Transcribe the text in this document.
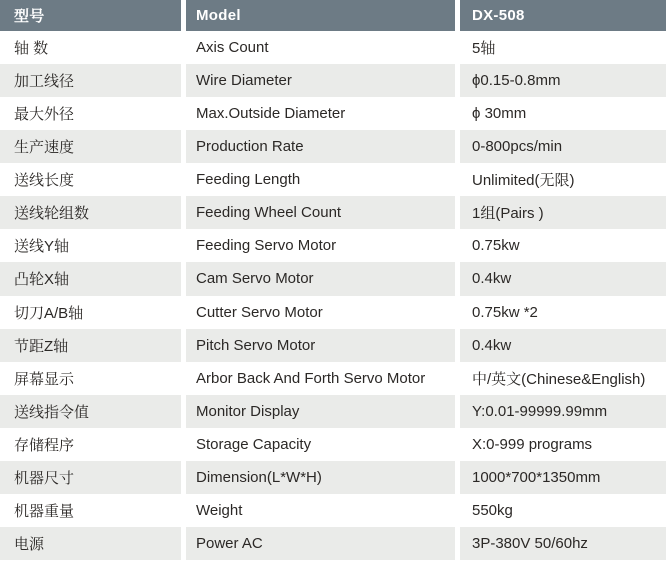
型号	Model	DX-508
轴 数	Axis Count	5轴
加工线径	Wire Diameter	ϕ0.15-0.8mm
最大外径	Max.Outside Diameter	ϕ 30mm
生产速度	Production Rate	0-800pcs/min
送线长度	Feeding Length	Unlimited(无限)
送线轮组数	Feeding Wheel Count	1组(Pairs )
送线Y轴	Feeding Servo Motor	0.75kw
凸轮X轴	Cam Servo Motor	0.4kw
切刀A/B轴	Cutter Servo Motor	0.75kw *2
节距Z轴	Pitch Servo Motor	0.4kw
屏幕显示	Arbor Back And Forth Servo Motor	中/英文(Chinese&English)
送线指令值	Monitor Display	Y:0.01-99999.99mm
存储程序	Storage Capacity	X:0-999 programs
机器尺寸	Dimension(L*W*H)	1000*700*1350mm
机器重量	Weight	550kg
电源	Power AC	3P-380V 50/60hz
